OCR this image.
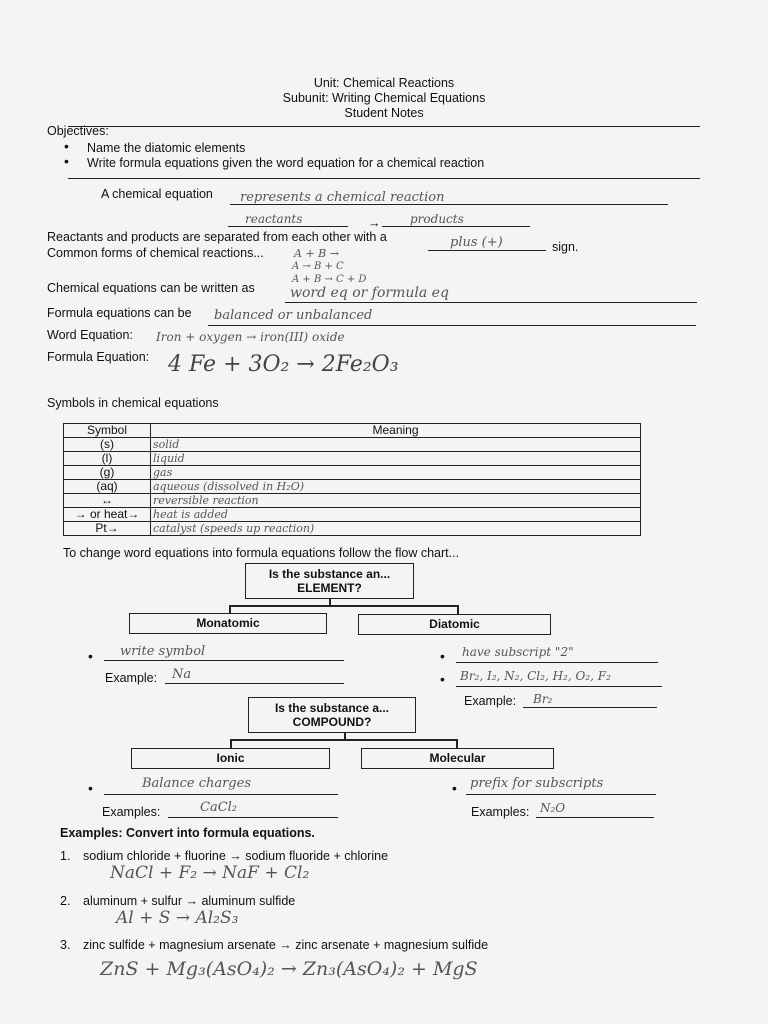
Unit: Chemical Reactions
Subunit: Writing Chemical Equations
Student Notes
Objectives:
• Name the diatomic elements
• Write formula equations given the word equation for a chemical reaction
A chemical equation represents a chemical reaction
reactants	→ products
Reactants and products are separated from each other with a	plus (+)	sign.
Common forms of chemical reactions...	A + B →
A → B + C
A + B → C + D
Chemical equations can be written as	word eq or formula eq
Formula equations can be balanced or unbalanced
Word Equation: Iron + oxygen → iron(III) oxide
Formula Equation: 4 Fe + 3O₂ → 2Fe₂O₃
Symbols in chemical equations
Symbol	Meaning
(s)	solid
(l)	liquid
(g)	gas
(aq)	aqueous (dissolved in H₂O)
↔	reversible reaction
→ or heat→	heat is added
Pt→	catalyst (speeds up reaction)
To change word equations into formula equations follow the flow chart...
Is the substance an...
ELEMENT?
Monatomic	Diatomic
• write symbol
Example: Na
• have subscript "2"
• Br₂, I₂, N₂, Cl₂, H₂, O₂, F₂
Example: Br₂
Is the substance a...
COMPOUND?
Ionic	Molecular
•	Balance charges
Examples:	CaCl₂
• prefix for subscripts
Examples: N₂O
Examples: Convert into formula equations.
1. sodium chloride + fluorine → sodium fluoride + chlorine
NaCl + F₂ → NaF + Cl₂
2. aluminum + sulfur → aluminum sulfide
Al + S → Al₂S₃
3. zinc sulfide + magnesium arsenate → zinc arsenate + magnesium sulfide
ZnS + Mg₃(AsO₄)₂ → Zn₃(AsO₄)₂ + MgS
